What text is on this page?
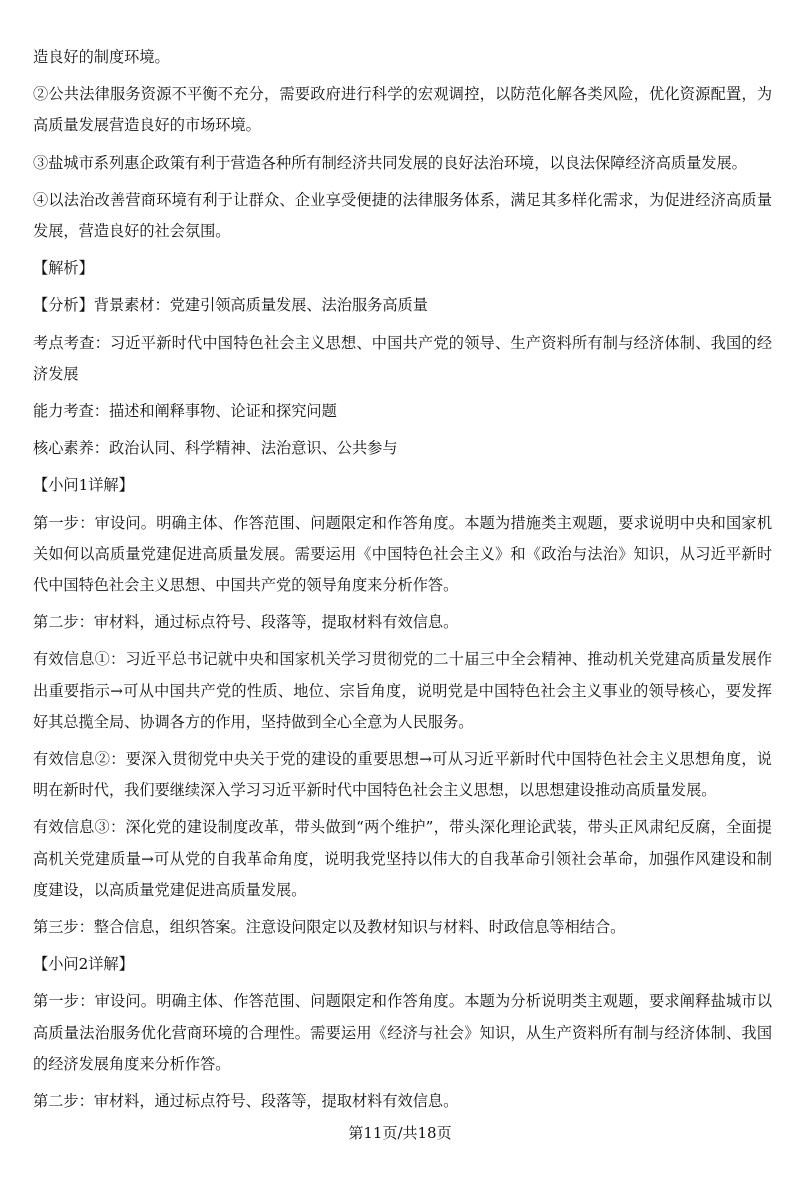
造良好的制度环境。

②公共法律服务资源不平衡不充分，需要政府进行科学的宏观调控，以防范化解各类风险，优化资源配置，为高质量发展营造良好的市场环境。

③盐城市系列惠企政策有利于营造各种所有制经济共同发展的良好法治环境，以良法保障经济高质量发展。

④以法治改善营商环境有利于让群众、企业享受便捷的法律服务体系，满足其多样化需求，为促进经济高质量发展，营造良好的社会氛围。

【解析】

【分析】背景素材：党建引领高质量发展、法治服务高质量

考点考查：习近平新时代中国特色社会主义思想、中国共产党的领导、生产资料所有制与经济体制、我国的经济发展

能力考查：描述和阐释事物、论证和探究问题

核心素养：政治认同、科学精神、法治意识、公共参与

【小问1详解】

第一步：审设问。明确主体、作答范围、问题限定和作答角度。本题为措施类主观题，要求说明中央和国家机关如何以高质量党建促进高质量发展。需要运用《中国特色社会主义》和《政治与法治》知识，从习近平新时代中国特色社会主义思想、中国共产党的领导角度来分析作答。

第二步：审材料，通过标点符号、段落等，提取材料有效信息。

有效信息①：习近平总书记就中央和国家机关学习贯彻党的二十届三中全会精神、推动机关党建高质量发展作出重要指示→可从中国共产党的性质、地位、宗旨角度，说明党是中国特色社会主义事业的领导核心，要发挥好其总揽全局、协调各方的作用，坚持做到全心全意为人民服务。

有效信息②：要深入贯彻党中央关于党的建设的重要思想→可从习近平新时代中国特色社会主义思想角度，说明在新时代，我们要继续深入学习习近平新时代中国特色社会主义思想，以思想建设推动高质量发展。

有效信息③：深化党的建设制度改革，带头做到“两个维护”，带头深化理论武装，带头正风肃纪反腐，全面提高机关党建质量→可从党的自我革命角度，说明我党坚持以伟大的自我革命引领社会革命，加强作风建设和制度建设，以高质量党建促进高质量发展。

第三步：整合信息，组织答案。注意设问限定以及教材知识与材料、时政信息等相结合。

【小问2详解】

第一步：审设问。明确主体、作答范围、问题限定和作答角度。本题为分析说明类主观题，要求阐释盐城市以高质量法治服务优化营商环境的合理性。需要运用《经济与社会》知识，从生产资料所有制与经济体制、我国的经济发展角度来分析作答。

第二步：审材料，通过标点符号、段落等，提取材料有效信息。

第11页/共18页
